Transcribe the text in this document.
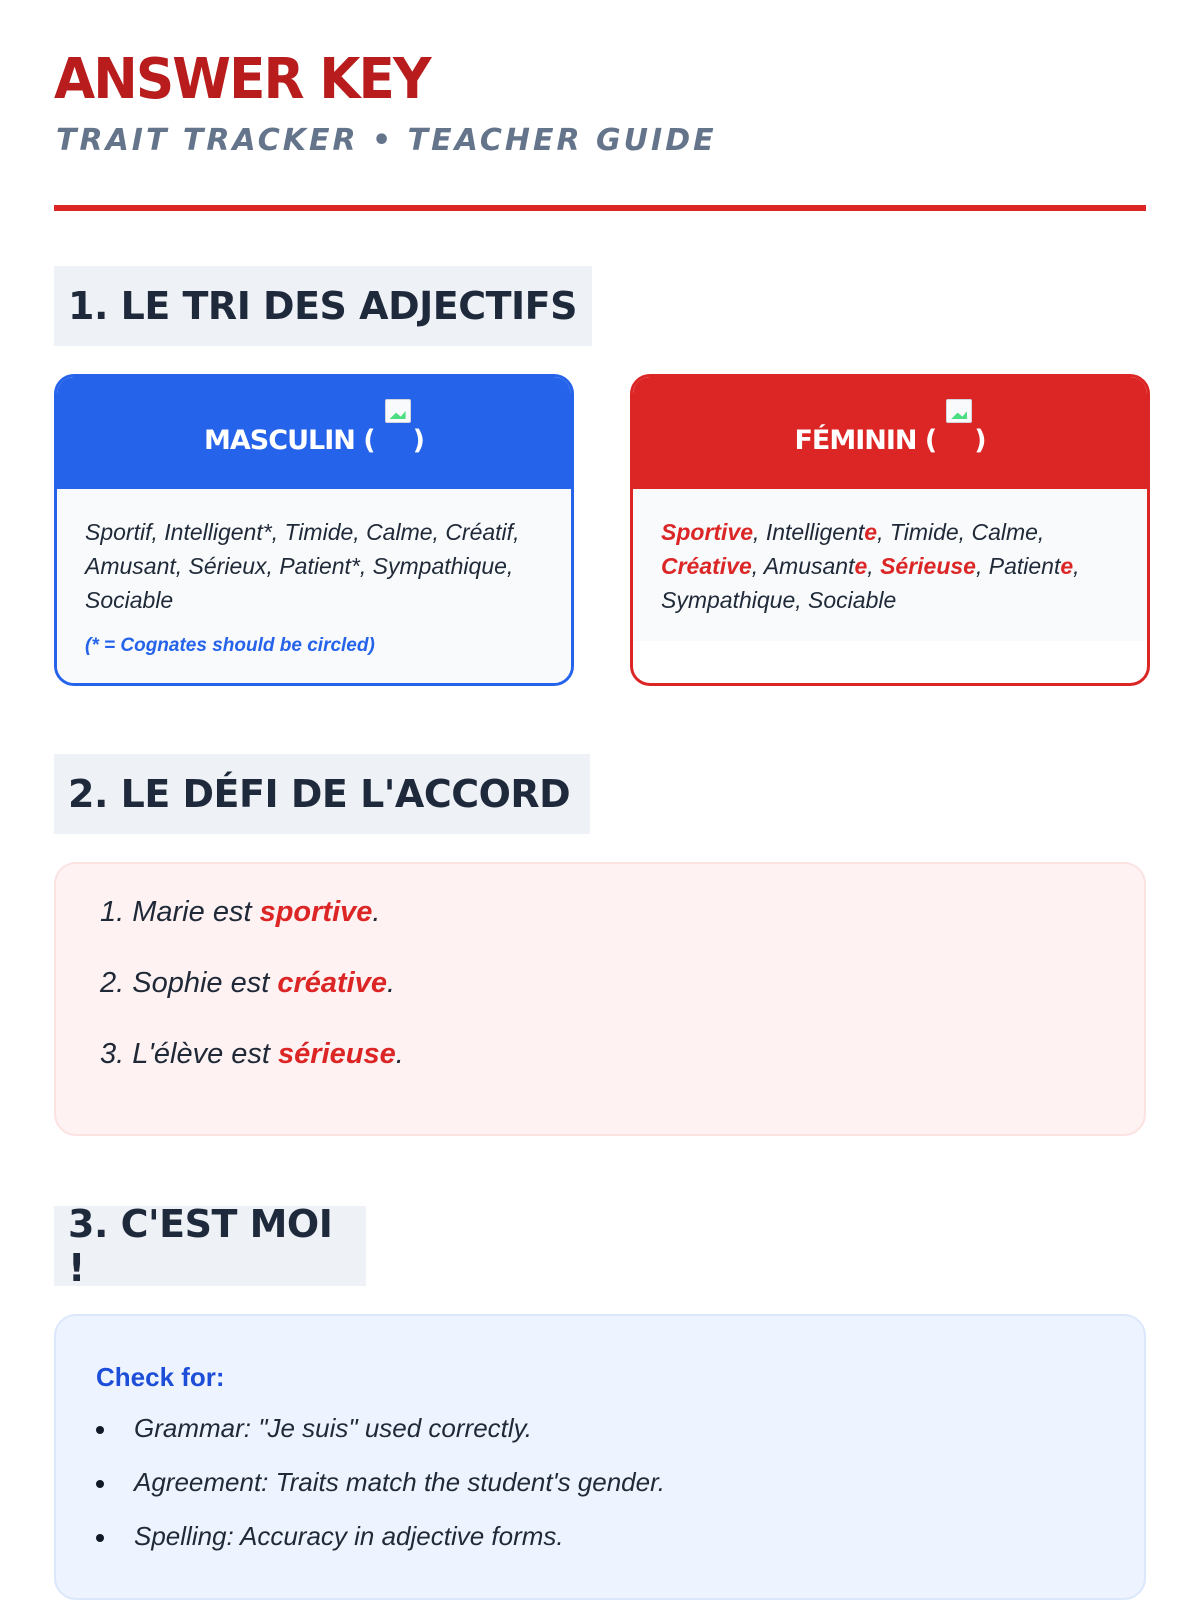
ANSWER KEY
TRAIT TRACKER • TEACHER GUIDE
1. LE TRI DES ADJECTIFS
MASCULIN ( )
Sportif, Intelligent*, Timide, Calme, Créatif, Amusant, Sérieux, Patient*, Sympathique, Sociable
(* = Cognates should be circled)
FÉMININ ( )
Sportive, Intelligente, Timide, Calme, Créative, Amusante, Sérieuse, Patiente, Sympathique, Sociable
2. LE DÉFI DE L'ACCORD
1. Marie est sportive.
2. Sophie est créative.
3. L'élève est sérieuse.
3. C'EST MOI !
Check for:
Grammar: "Je suis" used correctly.
Agreement: Traits match the student's gender.
Spelling: Accuracy in adjective forms.
